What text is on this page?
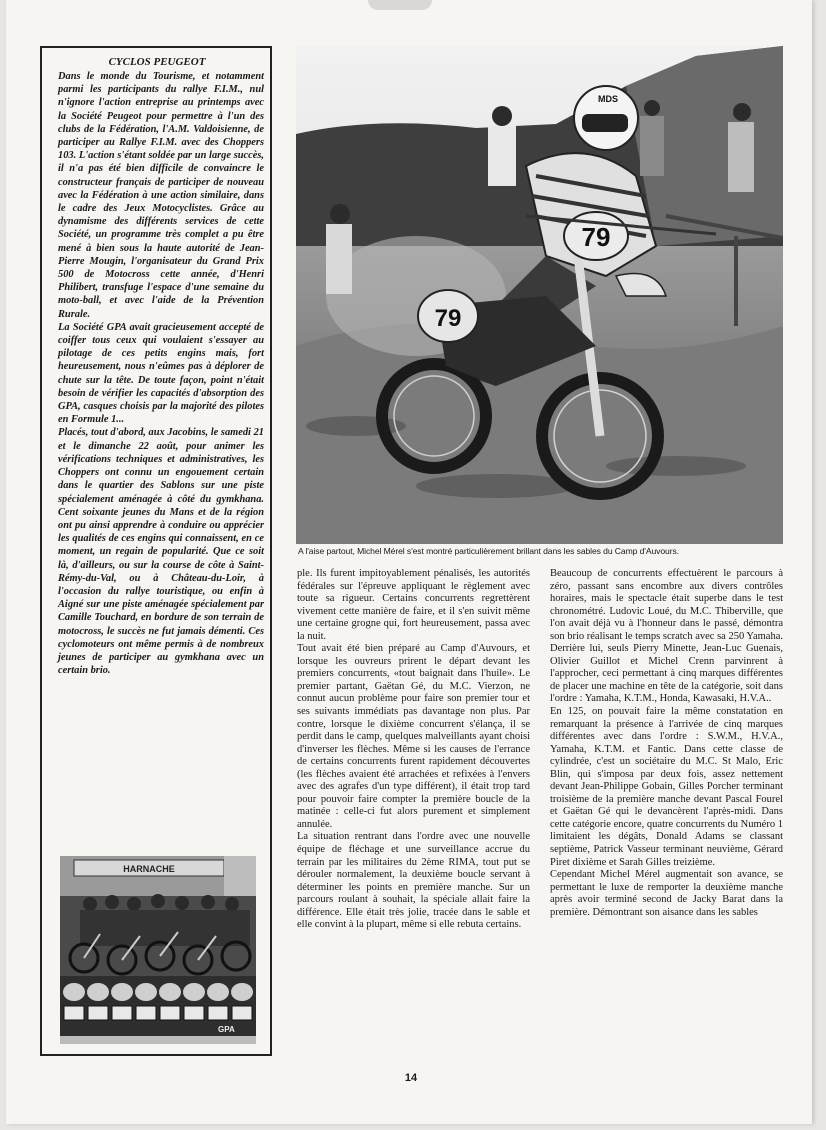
CYCLOS PEUGEOT

Dans le monde du Tourisme, et notamment parmi les participants du rallye F.I.M., nul n'ignore l'action entreprise au printemps avec la Société Peugeot pour permettre à l'un des clubs de la Fédération, l'A.M. Valdoisienne, de participer au Rallye F.I.M. avec des Choppers 103. L'action s'étant soldée par un large succès, il n'a pas été bien difficile de convaincre le constructeur français de participer de nouveau avec la Fédération à une action similaire, dans le cadre des Jeux Motocyclistes. Grâce au dynamisme des différents services de cette Société, un programme très complet a pu être mené à bien sous la haute autorité de Jean-Pierre Mougin, l'organisateur du Grand Prix 500 de Motocross cette année, d'Henri Philibert, transfuge l'espace d'une semaine du moto-ball, et avec l'aide de la Prévention Rurale.

La Société GPA avait gracieusement accepté de coiffer tous ceux qui voulaient s'essayer au pilotage de ces petits engins mais, fort heureusement, nous n'eûmes pas à déplorer de chute sur la tête. De toute façon, point n'était besoin de vérifier les capacités d'absorption des GPA, casques choisis par la majorité des pilotes en Formule 1...

Placés, tout d'abord, aux Jacobins, le samedi 21 et le dimanche 22 août, pour animer les vérifications techniques et administratives, les Choppers ont connu un engouement certain dans le quartier des Sablons sur une piste spécialement aménagée à côté du gymkhana. Cent soixante jeunes du Mans et de la région ont pu ainsi apprendre à conduire ou apprécier les qualités de ces engins qui connaissent, en ce moment, un regain de popularité. Que ce soit là, d'ailleurs, ou sur la course de côte à Saint-Rémy-du-Val, ou à Château-du-Loir, à l'occasion du rallye touristique, ou enfin à Aigné sur une piste aménagée spécialement par Camille Touchard, en bordure de son terrain de motocross, le succès ne fut jamais démenti. Ces cyclomoteurs ont même permis à de nombreux jeunes de participer au gymkhana avec un certain brio.

HARNACHE
GPA
MDS
79
79

A l'aise partout, Michel Mérel s'est montré particulièrement brillant dans les sables du Camp d'Auvours.

ple. Ils furent impitoyablement pénalisés, les autorités fédérales sur l'épreuve appliquant le règlement avec toute sa rigueur. Certains concurrents regrettèrent vivement cette manière de faire, et il s'en suivit même une certaine grogne qui, fort heureusement, passa avec la nuit.

Tout avait été bien préparé au Camp d'Auvours, et lorsque les ouvreurs prirent le départ devant les premiers concurrents, «tout baignait dans l'huile». Le premier partant, Gaëtan Gé, du M.C. Vierzon, ne connut aucun problème pour faire son premier tour et ses suivants immédiats pas davantage non plus. Par contre, lorsque le dixième concurrent s'élança, il se perdit dans le camp, quelques malveillants ayant choisi d'inverser les flèches. Même si les causes de l'errance de certains concurrents furent rapidement découvertes (les flèches avaient été arrachées et refixées à l'envers avec des agrafes d'un type différent), il était trop tard pour pouvoir faire compter la première boucle de la matinée : celle-ci fut alors purement et simplement annulée.

La situation rentrant dans l'ordre avec une nouvelle équipe de fléchage et une surveillance accrue du terrain par les militaires du 2ème RIMA, tout put se dérouler normalement, la deuxième boucle servant à déterminer les points en première manche. Sur un parcours roulant à souhait, la spéciale allait faire la différence. Elle était très jolie, tracée dans le sable et elle convint à la plupart, même si elle rebuta certains.

Beaucoup de concurrents effectuèrent le parcours à zéro, passant sans encombre aux divers contrôles horaires, mais le spectacle était superbe dans le test chronométré. Ludovic Loué, du M.C. Thiberville, que l'on avait déjà vu à l'honneur dans le passé, démontra son brio réalisant le temps scratch avec sa 250 Yamaha. Derrière lui, seuls Pierry Minette, Jean-Luc Guenais, Olivier Guillot et Michel Crenn parvinrent à l'approcher, ceci permettant à cinq marques différentes de placer une machine en tête de la catégorie, soit dans l'ordre : Yamaha, K.T.M., Honda, Kawasaki, H.V.A..

En 125, on pouvait faire la même constatation en remarquant la présence à l'arrivée de cinq marques différentes avec dans l'ordre : S.W.M., H.V.A., Yamaha, K.T.M. et Fantic. Dans cette classe de cylindrée, c'est un sociétaire du M.C. St Malo, Eric Blin, qui s'imposa par deux fois, assez nettement devant Jean-Philippe Gobain, Gilles Porcher terminant troisième de la première manche devant Pascal Fourel et Gaëtan Gé qui le devancèrent l'après-midi. Dans cette catégorie encore, quatre concurrents du Numéro 1 limitaient les dégâts, Donald Adams se classant septième, Patrick Vasseur terminant neuvième, Gérard Piret dixième et Sarah Gilles treizième.

Cependant Michel Mérel augmentait son avance, se permettant le luxe de remporter la deuxième manche après avoir terminé second de Jacky Barat dans la première. Démontrant son aisance dans les sables

14
